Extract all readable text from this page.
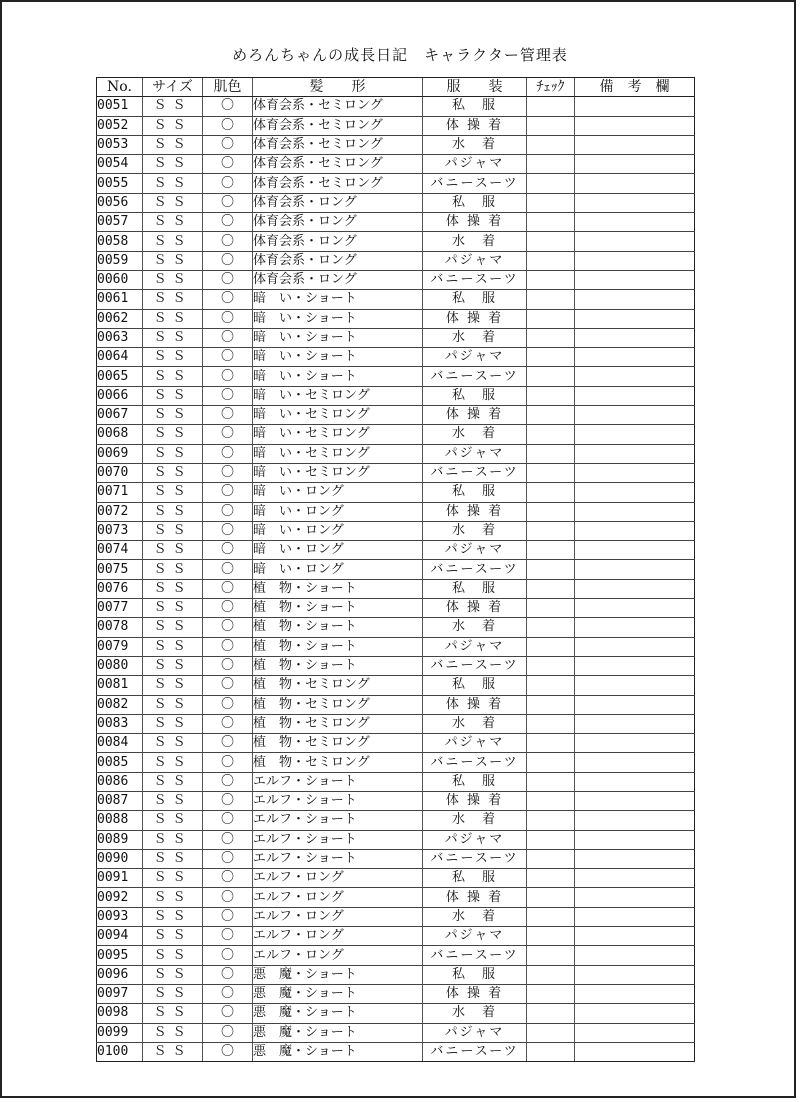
めろんちゃんの成長日記　キャラクター管理表
No.	サイズ	肌色	髪　　形	服　　装	ﾁｪｯｸ	備　考　欄
0051	ＳＳ	〇	体育会系・セミロング	私　服		
0052	ＳＳ	〇	体育会系・セミロング	体 操 着		
0053	ＳＳ	〇	体育会系・セミロング	水　着		
0054	ＳＳ	〇	体育会系・セミロング	パジャマ		
0055	ＳＳ	〇	体育会系・セミロング	バニースーツ		
0056	ＳＳ	〇	体育会系・ロング	私　服		
0057	ＳＳ	〇	体育会系・ロング	体 操 着		
0058	ＳＳ	〇	体育会系・ロング	水　着		
0059	ＳＳ	〇	体育会系・ロング	パジャマ		
0060	ＳＳ	〇	体育会系・ロング	バニースーツ		
0061	ＳＳ	〇	暗　い・ショート	私　服		
0062	ＳＳ	〇	暗　い・ショート	体 操 着		
0063	ＳＳ	〇	暗　い・ショート	水　着		
0064	ＳＳ	〇	暗　い・ショート	パジャマ		
0065	ＳＳ	〇	暗　い・ショート	バニースーツ		
0066	ＳＳ	〇	暗　い・セミロング	私　服		
0067	ＳＳ	〇	暗　い・セミロング	体 操 着		
0068	ＳＳ	〇	暗　い・セミロング	水　着		
0069	ＳＳ	〇	暗　い・セミロング	パジャマ		
0070	ＳＳ	〇	暗　い・セミロング	バニースーツ		
0071	ＳＳ	〇	暗　い・ロング	私　服		
0072	ＳＳ	〇	暗　い・ロング	体 操 着		
0073	ＳＳ	〇	暗　い・ロング	水　着		
0074	ＳＳ	〇	暗　い・ロング	パジャマ		
0075	ＳＳ	〇	暗　い・ロング	バニースーツ		
0076	ＳＳ	〇	植　物・ショート	私　服		
0077	ＳＳ	〇	植　物・ショート	体 操 着		
0078	ＳＳ	〇	植　物・ショート	水　着		
0079	ＳＳ	〇	植　物・ショート	パジャマ		
0080	ＳＳ	〇	植　物・ショート	バニースーツ		
0081	ＳＳ	〇	植　物・セミロング	私　服		
0082	ＳＳ	〇	植　物・セミロング	体 操 着		
0083	ＳＳ	〇	植　物・セミロング	水　着		
0084	ＳＳ	〇	植　物・セミロング	パジャマ		
0085	ＳＳ	〇	植　物・セミロング	バニースーツ		
0086	ＳＳ	〇	エルフ・ショート	私　服		
0087	ＳＳ	〇	エルフ・ショート	体 操 着		
0088	ＳＳ	〇	エルフ・ショート	水　着		
0089	ＳＳ	〇	エルフ・ショート	パジャマ		
0090	ＳＳ	〇	エルフ・ショート	バニースーツ		
0091	ＳＳ	〇	エルフ・ロング	私　服		
0092	ＳＳ	〇	エルフ・ロング	体 操 着		
0093	ＳＳ	〇	エルフ・ロング	水　着		
0094	ＳＳ	〇	エルフ・ロング	パジャマ		
0095	ＳＳ	〇	エルフ・ロング	バニースーツ		
0096	ＳＳ	〇	悪　魔・ショート	私　服		
0097	ＳＳ	〇	悪　魔・ショート	体 操 着		
0098	ＳＳ	〇	悪　魔・ショート	水　着		
0099	ＳＳ	〇	悪　魔・ショート	パジャマ		
0100	ＳＳ	〇	悪　魔・ショート	バニースーツ		
